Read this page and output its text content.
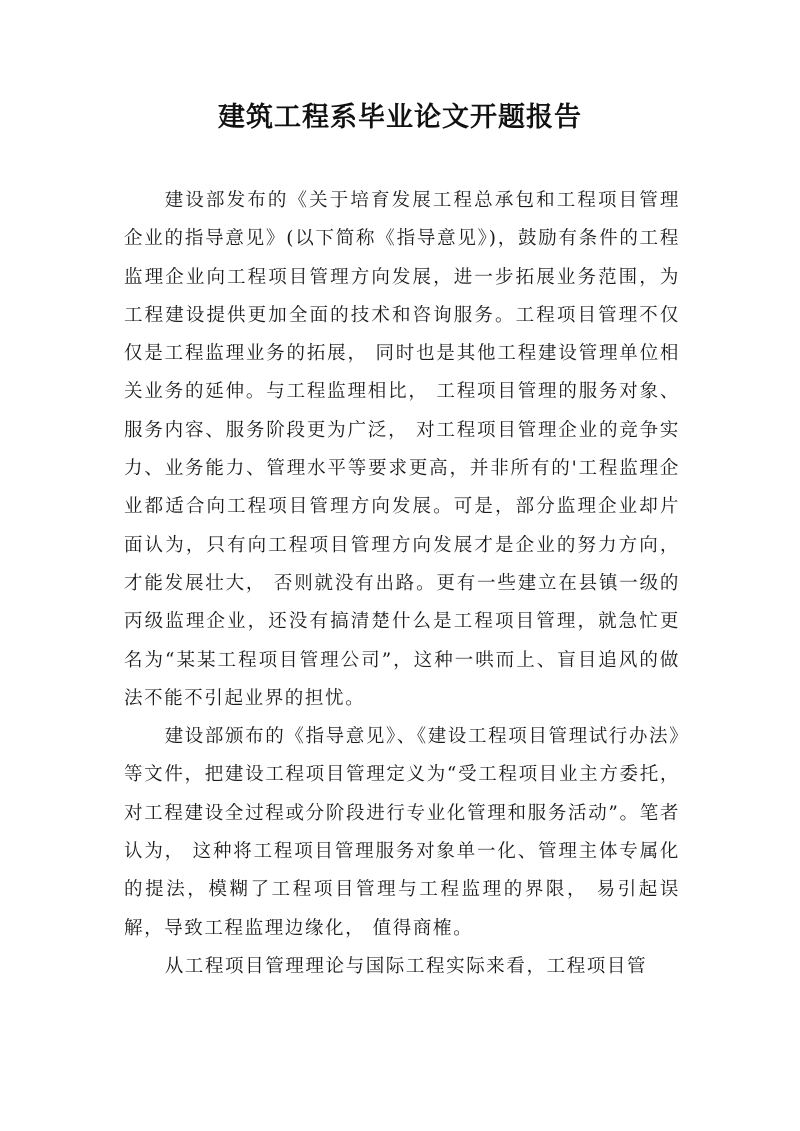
建筑工程系毕业论文开题报告

建设部发布的《关于培育发展工程总承包和工程项目管理企业的指导意见》(以下简称《指导意见》)，鼓励有条件的工程监理企业向工程项目管理方向发展，进一步拓展业务范围，为工程建设提供更加全面的技术和咨询服务。工程项目管理不仅仅是工程监理业务的拓展， 同时也是其他工程建设管理单位相关业务的延伸。与工程监理相比， 工程项目管理的服务对象、服务内容、服务阶段更为广泛， 对工程项目管理企业的竞争实力、业务能力、管理水平等要求更高，并非所有的'工程监理企业都适合向工程项目管理方向发展。可是，部分监理企业却片面认为，只有向工程项目管理方向发展才是企业的努力方向， 才能发展壮大， 否则就没有出路。更有一些建立在县镇一级的丙级监理企业，还没有搞清楚什么是工程项目管理，就急忙更名为“某某工程项目管理公司”，这种一哄而上、盲目追风的做法不能不引起业界的担忧。

建设部颁布的《指导意见》、《建设工程项目管理试行办法》等文件，把建设工程项目管理定义为“受工程项目业主方委托，对工程建设全过程或分阶段进行专业化管理和服务活动”。笔者认为， 这种将工程项目管理服务对象单一化、管理主体专属化的提法，模糊了工程项目管理与工程监理的界限， 易引起误解，导致工程监理边缘化， 值得商榷。

从工程项目管理理论与国际工程实际来看，工程项目管
